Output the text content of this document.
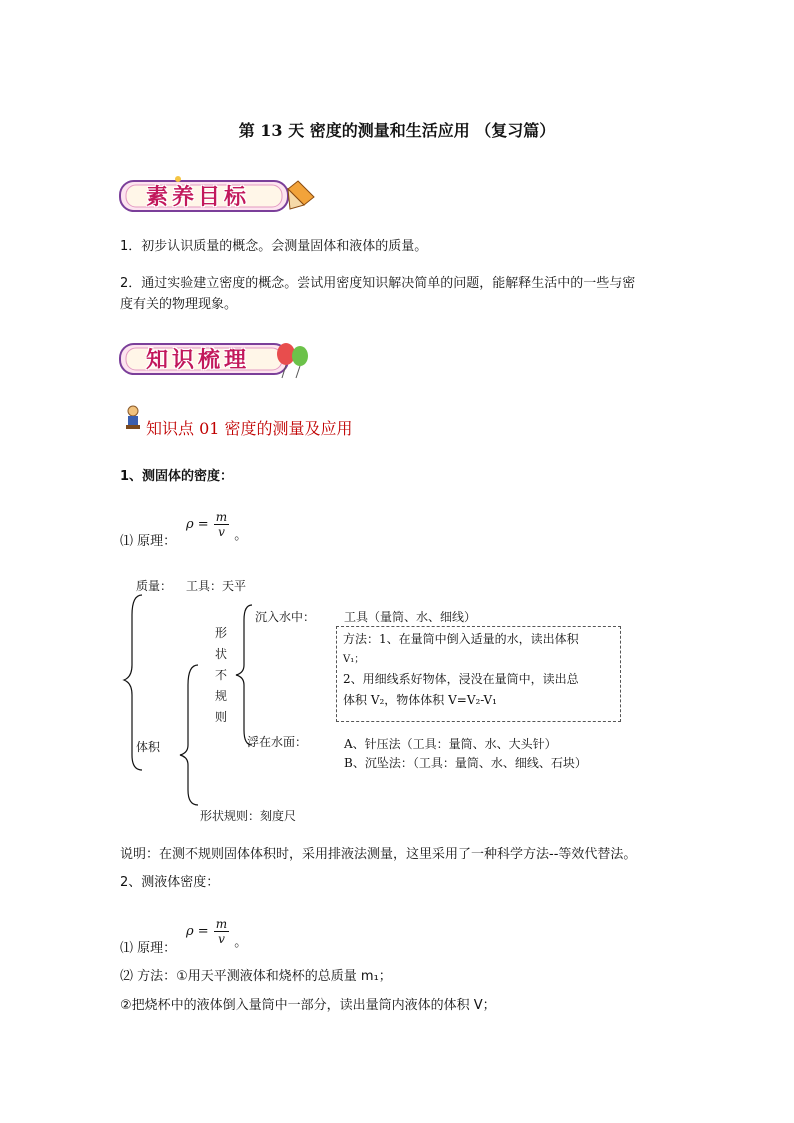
第 13 天 密度的测量和生活应用 （复习篇）
素养目标
1．初步认识质量的概念。会测量固体和液体的质量。
2．通过实验建立密度的概念。尝试用密度知识解决简单的问题，能解释生活中的一些与密
度有关的物理现象。
知识梳理
知识点 01 密度的测量及应用
1、测固体的密度：
⑴ 原理：
$\rho = \frac{m}{v} _。$
质量： 工具：天平
形
状
不
规
则
沉入水中： 工具（量筒、水、细线）
方法：1、在量筒中倒入适量的水，读出体积
V₁；
2、用细线系好物体，浸没在量筒中，读出总
体积 V₂，物体体积 V=V₂-V₁
体积	浮在水面：	A、针压法（工具：量筒、水、大头针）
B、沉坠法：（工具：量筒、水、细线、石块）
形状规则：刻度尺
说明：在测不规则固体体积时，采用排液法测量，这里采用了一种科学方法--等效代替法。
2、测液体密度：
⑴ 原理：
$\rho = \frac{m}{v} _。$
⑵ 方法：①用天平测液体和烧杯的总质量 m₁；
②把烧杯中的液体倒入量筒中一部分，读出量筒内液体的体积 V；
